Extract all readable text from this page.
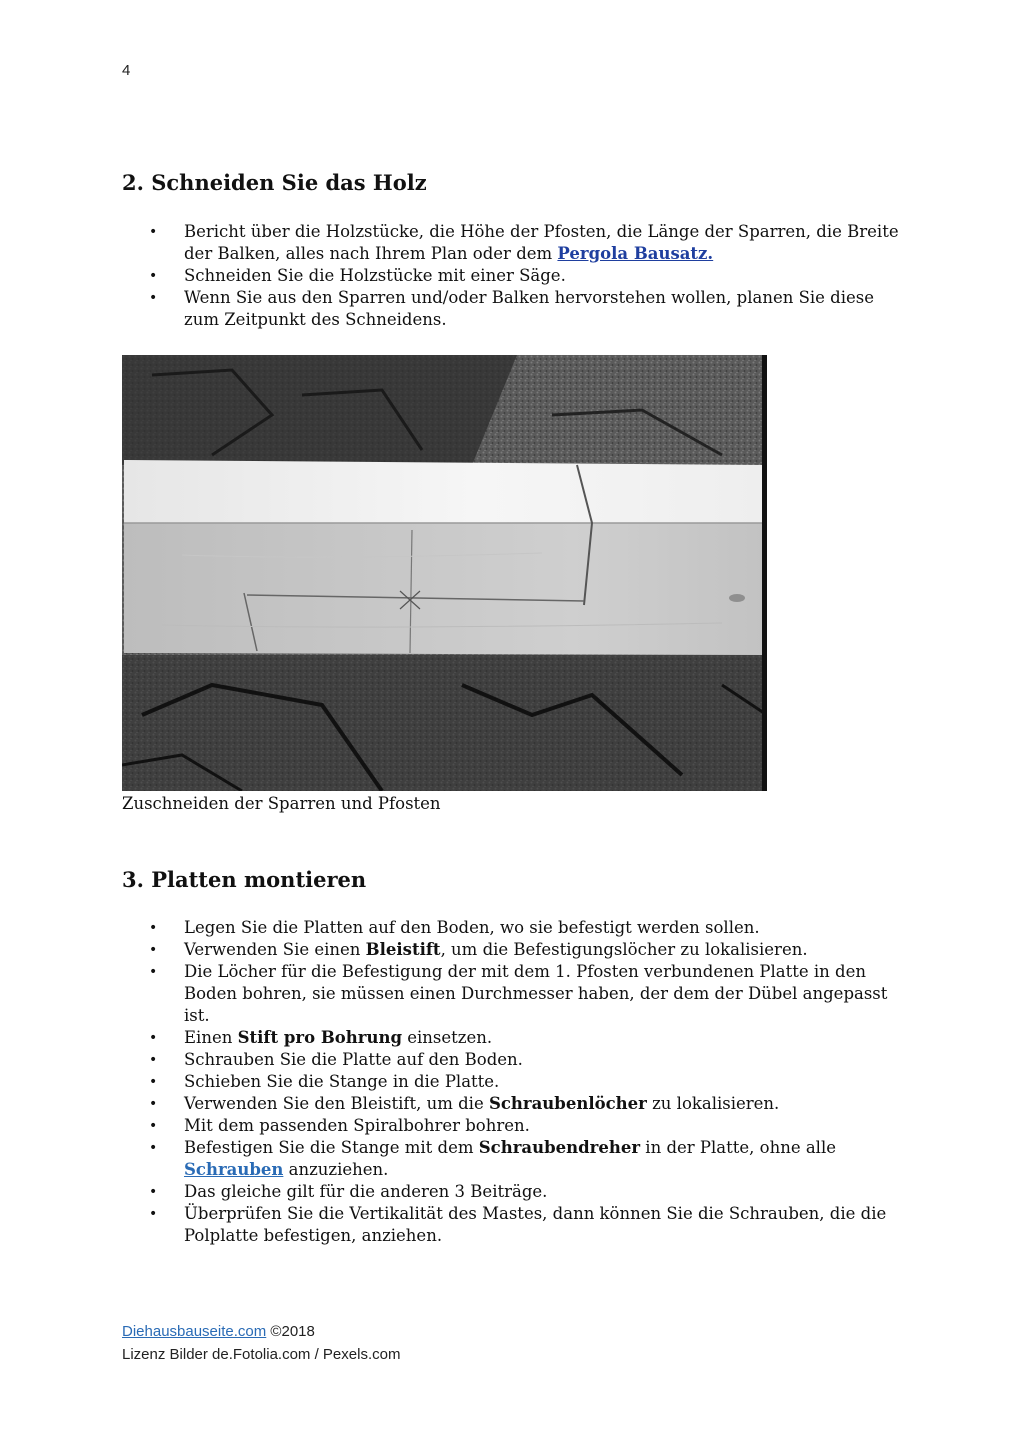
4
2. Schneiden Sie das Holz
• Bericht über die Holzstücke, die Höhe der Pfosten, die Länge der Sparren, die Breite der Balken, alles nach Ihrem Plan oder dem Pergola Bausatz.
• Schneiden Sie die Holzstücke mit einer Säge.
• Wenn Sie aus den Sparren und/oder Balken hervorstehen wollen, planen Sie diese zum Zeitpunkt des Schneidens.
Zuschneiden der Sparren und Pfosten
3. Platten montieren
• Legen Sie die Platten auf den Boden, wo sie befestigt werden sollen.
• Verwenden Sie einen Bleistift, um die Befestigungslöcher zu lokalisieren.
• Die Löcher für die Befestigung der mit dem 1. Pfosten verbundenen Platte in den Boden bohren, sie müssen einen Durchmesser haben, der dem der Dübel angepasst ist.
• Einen Stift pro Bohrung einsetzen.
• Schrauben Sie die Platte auf den Boden.
• Schieben Sie die Stange in die Platte.
• Verwenden Sie den Bleistift, um die Schraubenlöcher zu lokalisieren.
• Mit dem passenden Spiralbohrer bohren.
• Befestigen Sie die Stange mit dem Schraubendreher in der Platte, ohne alle Schrauben anzuziehen.
• Das gleiche gilt für die anderen 3 Beiträge.
• Überprüfen Sie die Vertikalität des Mastes, dann können Sie die Schrauben, die die Polplatte befestigen, anziehen.
Diehausbauseite.com ©2018
Lizenz Bilder de.Fotolia.com / Pexels.com
